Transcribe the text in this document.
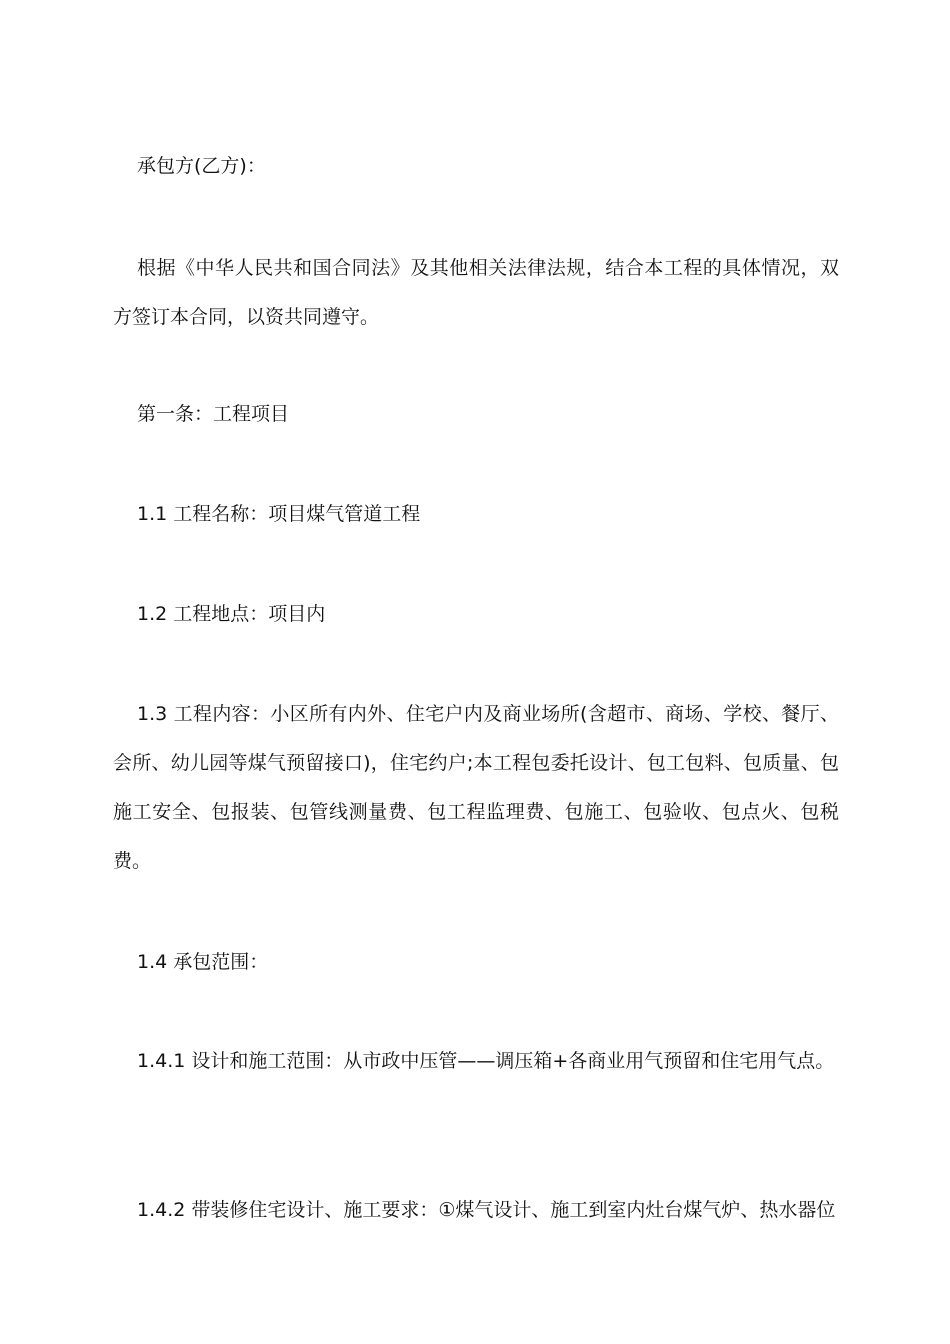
承包方(乙方)：

根据《中华人民共和国合同法》及其他相关法律法规，结合本工程的具体情况，双方签订本合同，以资共同遵守。

第一条：工程项目

1.1 工程名称：项目煤气管道工程

1.2 工程地点：项目内

1.3 工程内容：小区所有内外、住宅户内及商业场所(含超市、商场、学校、餐厅、会所、幼儿园等煤气预留接口)，住宅约户;本工程包委托设计、包工包料、包质量、包施工安全、包报装、包管线测量费、包工程监理费、包施工、包验收、包点火、包税费。

1.4 承包范围：

1.4.1 设计和施工范围：从市政中压管——调压箱+各商业用气预留和住宅用气点。

1.4.2 带装修住宅设计、施工要求：①煤气设计、施工到室内灶台煤气炉、热水器位
